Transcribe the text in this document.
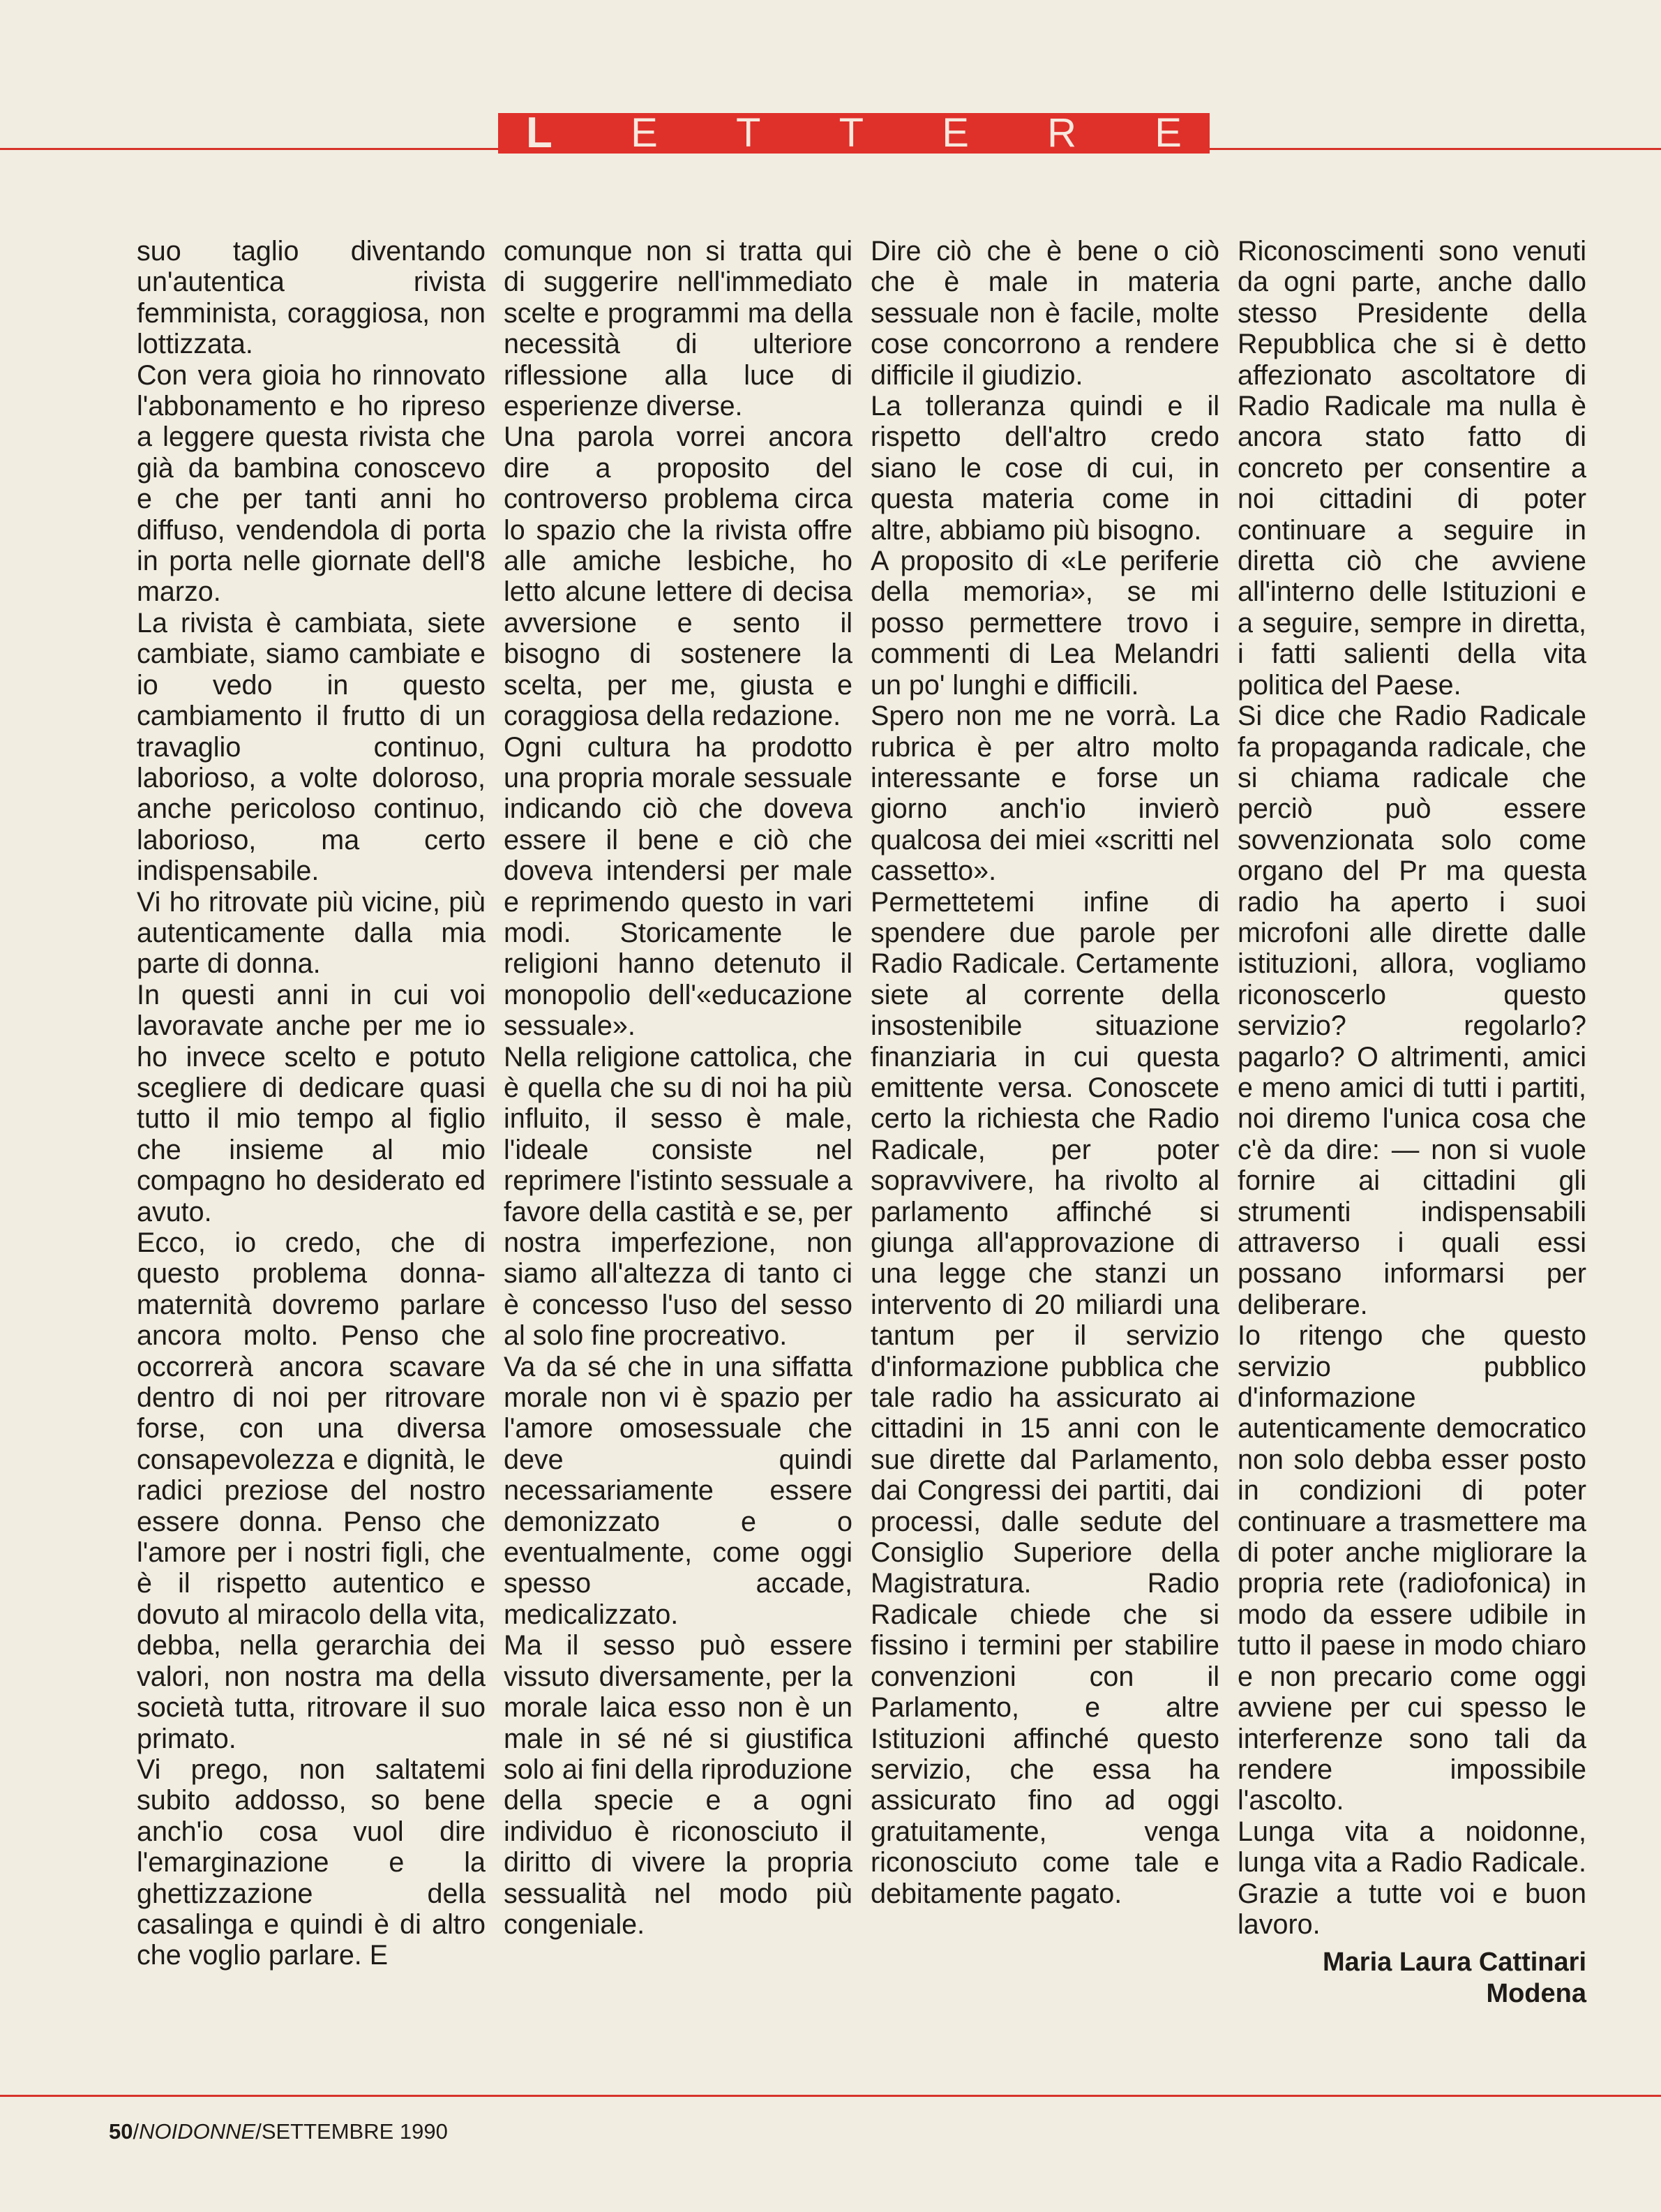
L E T T E R E

suo taglio diventando un'autentica rivista femminista, coraggiosa, non lottizzata.

Con vera gioia ho rinnovato l'abbonamento e ho ripreso a leggere questa rivista che già da bambina conoscevo e che per tanti anni ho diffuso, vendendola di porta in porta nelle giornate dell'8 marzo.

La rivista è cambiata, siete cambiate, siamo cambiate e io vedo in questo cambiamento il frutto di un travaglio continuo, laborioso, a volte doloroso, anche pericoloso continuo, laborioso, ma certo indispensabile.

Vi ho ritrovate più vicine, più autenticamente dalla mia parte di donna.

In questi anni in cui voi lavoravate anche per me io ho invece scelto e potuto scegliere di dedicare quasi tutto il mio tempo al figlio che insieme al mio compagno ho desiderato ed avuto.

Ecco, io credo, che di questo problema donna-maternità dovremo parlare ancora molto. Penso che occorrerà ancora scavare dentro di noi per ritrovare forse, con una diversa consapevolezza e dignità, le radici preziose del nostro essere donna. Penso che l'amore per i nostri figli, che è il rispetto autentico e dovuto al miracolo della vita, debba, nella gerarchia dei valori, non nostra ma della società tutta, ritrovare il suo primato.

Vi prego, non saltatemi subito addosso, so bene anch'io cosa vuol dire l'emarginazione e la ghettizzazione della casalinga e quindi è di altro che voglio parlare. E

comunque non si tratta qui di suggerire nell'immediato scelte e programmi ma della necessità di ulteriore riflessione alla luce di esperienze diverse.

Una parola vorrei ancora dire a proposito del controverso problema circa lo spazio che la rivista offre alle amiche lesbiche, ho letto alcune lettere di decisa avversione e sento il bisogno di sostenere la scelta, per me, giusta e coraggiosa della redazione.

Ogni cultura ha prodotto una propria morale sessuale indicando ciò che doveva essere il bene e ciò che doveva intendersi per male e reprimendo questo in vari modi. Storicamente le religioni hanno detenuto il monopolio dell'«educazione sessuale».

Nella religione cattolica, che è quella che su di noi ha più influito, il sesso è male, l'ideale consiste nel reprimere l'istinto sessuale a favore della castità e se, per nostra imperfezione, non siamo all'altezza di tanto ci è concesso l'uso del sesso al solo fine procreativo.

Va da sé che in una siffatta morale non vi è spazio per l'amore omosessuale che deve quindi necessariamente essere demonizzato e o eventualmente, come oggi spesso accade, medicalizzato.

Ma il sesso può essere vissuto diversamente, per la morale laica esso non è un male in sé né si giustifica solo ai fini della riproduzione della specie e a ogni individuo è riconosciuto il diritto di vivere la propria sessualità nel modo più congeniale.

Dire ciò che è bene o ciò che è male in materia sessuale non è facile, molte cose concorrono a rendere difficile il giudizio.

La tolleranza quindi e il rispetto dell'altro credo siano le cose di cui, in questa materia come in altre, abbiamo più bisogno.

A proposito di «Le periferie della memoria», se mi posso permettere trovo i commenti di Lea Melandri un po' lunghi e difficili.

Spero non me ne vorrà. La rubrica è per altro molto interessante e forse un giorno anch'io invierò qualcosa dei miei «scritti nel cassetto».

Permettetemi infine di spendere due parole per Radio Radicale. Certamente siete al corrente della insostenibile situazione finanziaria in cui questa emittente versa. Conoscete certo la richiesta che Radio Radicale, per poter sopravvivere, ha rivolto al parlamento affinché si giunga all'approvazione di una legge che stanzi un intervento di 20 miliardi una tantum per il servizio d'informazione pubblica che tale radio ha assicurato ai cittadini in 15 anni con le sue dirette dal Parlamento, dai Congressi dei partiti, dai processi, dalle sedute del Consiglio Superiore della Magistratura. Radio Radicale chiede che si fissino i termini per stabilire convenzioni con il Parlamento, e altre Istituzioni affinché questo servizio, che essa ha assicurato fino ad oggi gratuitamente, venga riconosciuto come tale e debitamente pagato.

Riconoscimenti sono venuti da ogni parte, anche dallo stesso Presidente della Repubblica che si è detto affezionato ascoltatore di Radio Radicale ma nulla è ancora stato fatto di concreto per consentire a noi cittadini di poter continuare a seguire in diretta ciò che avviene all'interno delle Istituzioni e a seguire, sempre in diretta, i fatti salienti della vita politica del Paese.

Si dice che Radio Radicale fa propaganda radicale, che si chiama radicale che perciò può essere sovvenzionata solo come organo del Pr ma questa radio ha aperto i suoi microfoni alle dirette dalle istituzioni, allora, vogliamo riconoscerlo questo servizio? regolarlo? pagarlo? O altrimenti, amici e meno amici di tutti i partiti, noi diremo l'unica cosa che c'è da dire: — non si vuole fornire ai cittadini gli strumenti indispensabili attraverso i quali essi possano informarsi per deliberare.

Io ritengo che questo servizio pubblico d'informazione autenticamente democratico non solo debba esser posto in condizioni di poter continuare a trasmettere ma di poter anche migliorare la propria rete (radiofonica) in modo da essere udibile in tutto il paese in modo chiaro e non precario come oggi avviene per cui spesso le interferenze sono tali da rendere impossibile l'ascolto.

Lunga vita a noidonne, lunga vita a Radio Radicale. Grazie a tutte voi e buon lavoro.

Maria Laura Cattinari
Modena
50/NOIDONNE/SETTEMBRE 1990
